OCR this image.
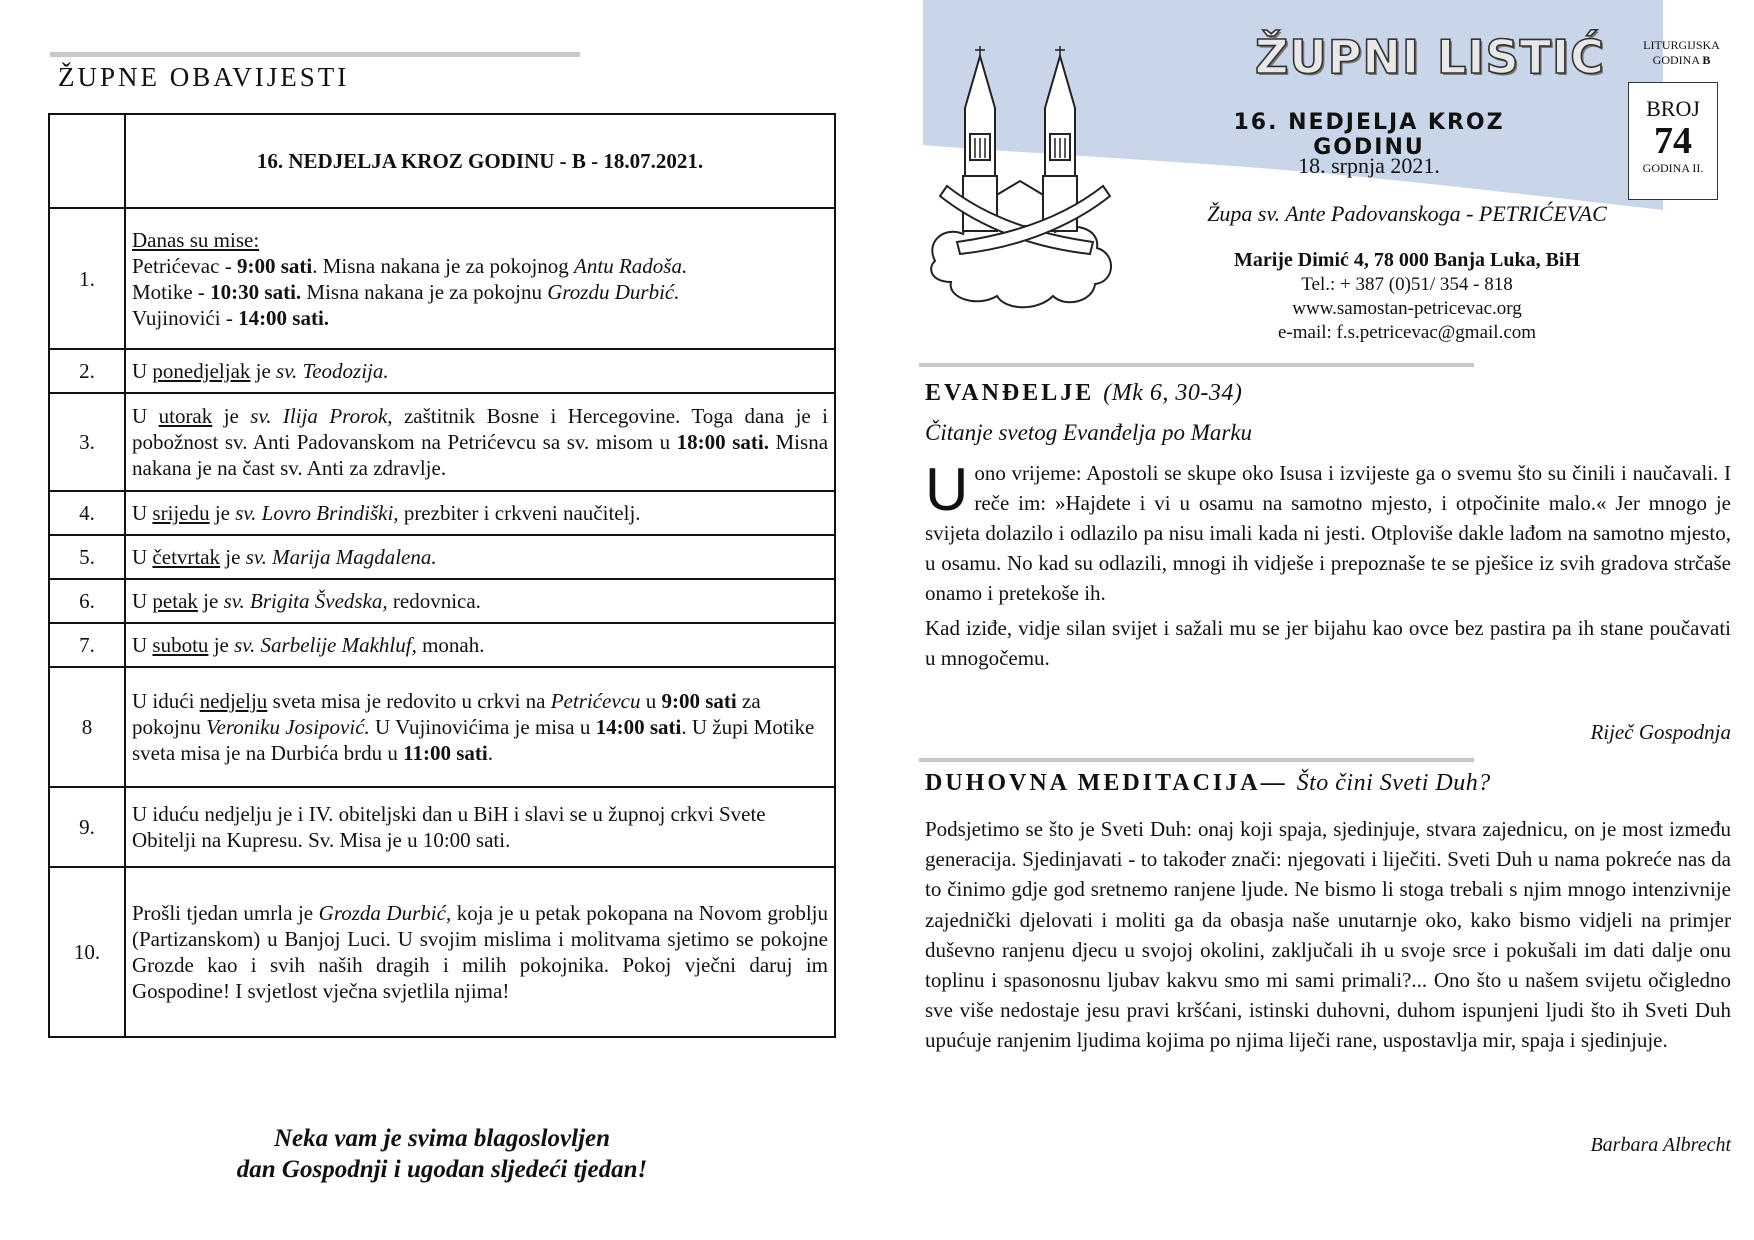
ŽUPNE OBAVIJESTI
	16. NEDJELJA KROZ GODINU - B - 18.07.2021.
1.	Danas su mise:
Petrićevac - 9:00 sati. Misna nakana je za pokojnog Antu Radoša.
Motike - 10:30 sati. Misna nakana je za pokojnu Grozdu Durbić.
Vujinovići - 14:00 sati.
2.	U ponedjeljak je sv. Teodozija.
3.	U utorak je sv. Ilija Prorok, zaštitnik Bosne i Hercegovine. Toga dana je i pobožnost sv. Anti Padovanskom na Petrićevcu sa sv. misom u 18:00 sati. Misna nakana je na čast sv. Anti za zdravlje.
4.	U srijedu je sv. Lovro Brindiški, prezbiter i crkveni naučitelj.
5.	U četvrtak je sv. Marija Magdalena.
6.	U petak je sv. Brigita Švedska, redovnica.
7.	U subotu je sv. Sarbelije Makhluf, monah.
8	U idući nedjelju sveta misa je redovito u crkvi na Petrićevcu u 9:00 sati za pokojnu Veroniku Josipović. U Vujinovićima je misa u 14:00 sati. U župi Motike sveta misa je na Durbića brdu u 11:00 sati.
9.	U iduću nedjelju je i IV. obiteljski dan u BiH i slavi se u župnoj crkvi Svete Obitelji na Kupresu. Sv. Misa je u 10:00 sati.
10.	Prošli tjedan umrla je Grozda Durbić, koja je u petak pokopana na Novom groblju (Partizanskom) u Banjoj Luci. U svojim mislima i molitvama sjetimo se pokojne Grozde kao i svih naših dragih i milih pokojnika. Pokoj vječni daruj im Gospodine! I svjetlost vječna svjetlila njima!
Neka vam je svima blagoslovljen
dan Gospodnji i ugodan sljedeći tjedan!
ŽUPNI LISTIĆ
16. NEDJELJA KROZ GODINU
18. srpnja 2021.
Župa sv. Ante Padovanskoga - PETRIĆEVAC
LITURGIJSKA
GODINA B
BROJ
74
GODINA II.
Marije Dimić 4, 78 000 Banja Luka, BiH
Tel.: + 387 (0)51/ 354 - 818
www.samostan-petricevac.org
e-mail: f.s.petricevac@gmail.com
EVANĐELJE (Mk 6, 30-34)
Čitanje svetog Evanđelja po Marku

Uono vrijeme: Apostoli se skupe oko Isusa i izvijeste ga o svemu što su činili i naučavali. I reče im: »Hajdete i vi u osamu na samotno mjesto, i otpočinite malo.« Jer mnogo je svijeta dolazilo i odlazilo pa nisu imali kada ni jesti. Otploviše dakle lađom na samotno mjesto, u osamu. No kad su odlazili, mnogi ih vidješe i prepoznaše te se pješice iz svih gradova strčaše onamo i pretekoše ih.

Kad iziđe, vidje silan svijet i sažali mu se jer bijahu kao ovce bez pastira pa ih stane poučavati u mnogočemu.

Riječ Gospodnja
DUHOVNA MEDITACIJA— Što čini Sveti Duh?

Podsjetimo se što je Sveti Duh: onaj koji spaja, sjedinjuje, stvara zajednicu, on je most između generacija. Sjedinjavati - to također znači: njegovati i liječiti. Sveti Duh u nama pokreće nas da to činimo gdje god sretnemo ranjene ljude. Ne bismo li stoga trebali s njim mnogo intenzivnije zajednički djelovati i moliti ga da obasja naše unutarnje oko, kako bismo vidjeli na primjer duševno ranjenu djecu u svojoj okolini, zaključali ih u svoje srce i pokušali im dati dalje onu toplinu i spasonosnu ljubav kakvu smo mi sami primali?... Ono što u našem svijetu očigledno sve više nedostaje jesu pravi kršćani, istinski duhovni, duhom ispunjeni ljudi što ih Sveti Duh upućuje ranjenim ljudima kojima po njima liječi rane, uspostavlja mir, spaja i sjedinjuje.

Barbara Albrecht
